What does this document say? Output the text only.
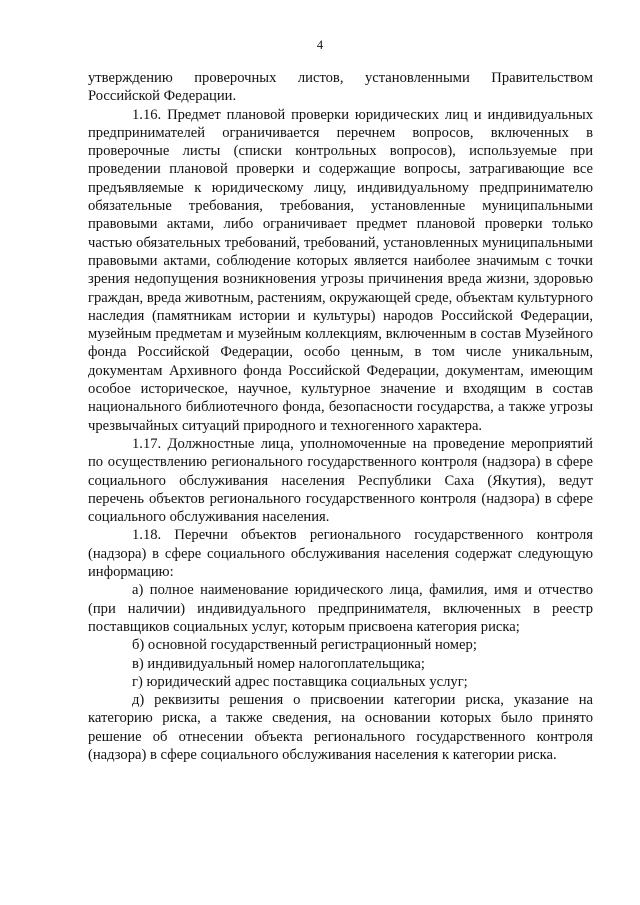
4

утверждению проверочных листов, установленными Правительством Российской Федерации.

1.16. Предмет плановой проверки юридических лиц и индивидуальных предпринимателей ограничивается перечнем вопросов, включенных в проверочные листы (списки контрольных вопросов), используемые при проведении плановой проверки и содержащие вопросы, затрагивающие все предъявляемые к юридическому лицу, индивидуальному предпринимателю обязательные требования, требования, установленные муниципальными правовыми актами, либо ограничивает предмет плановой проверки только частью обязательных требований, требований, установленных муниципальными правовыми актами, соблюдение которых является наиболее значимым с точки зрения недопущения возникновения угрозы причинения вреда жизни, здоровью граждан, вреда животным, растениям, окружающей среде, объектам культурного наследия (памятникам истории и культуры) народов Российской Федерации, музейным предметам и музейным коллекциям, включенным в состав Музейного фонда Российской Федерации, особо ценным, в том числе уникальным, документам Архивного фонда Российской Федерации, документам, имеющим особое историческое, научное, культурное значение и входящим в состав национального библиотечного фонда, безопасности государства, а также угрозы чрезвычайных ситуаций природного и техногенного характера.

1.17. Должностные лица, уполномоченные на проведение мероприятий по осуществлению регионального государственного контроля (надзора) в сфере социального обслуживания населения Республики Саха (Якутия), ведут перечень объектов регионального государственного контроля (надзора) в сфере социального обслуживания населения.

1.18. Перечни объектов регионального государственного контроля (надзора) в сфере социального обслуживания населения содержат следующую информацию:

а) полное наименование юридического лица, фамилия, имя и отчество (при наличии) индивидуального предпринимателя, включенных в реестр поставщиков социальных услуг, которым присвоена категория риска;

б) основной государственный регистрационный номер;

в) индивидуальный номер налогоплательщика;

г) юридический адрес поставщика социальных услуг;

д) реквизиты решения о присвоении категории риска, указание на категорию риска, а также сведения, на основании которых было принято решение об отнесении объекта регионального государственного контроля (надзора) в сфере социального обслуживания населения к категории риска.
